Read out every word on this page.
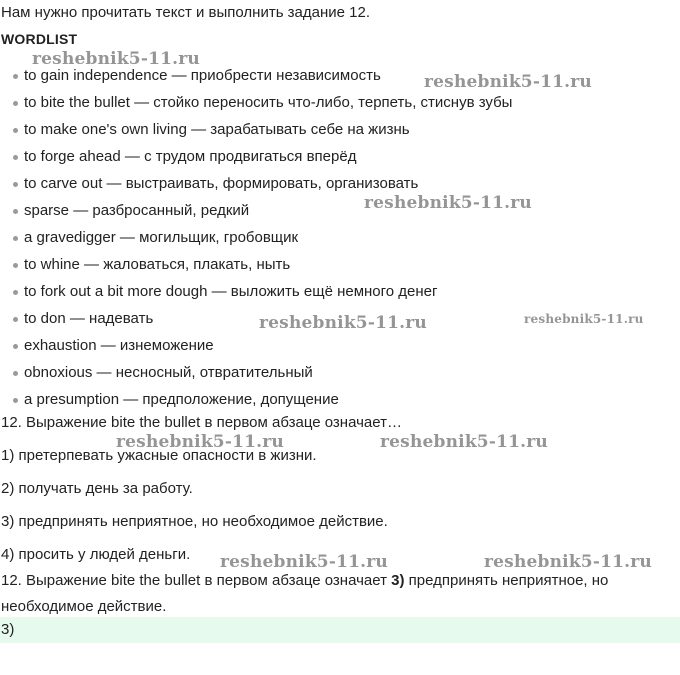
Нам нужно прочитать текст и выполнить задание 12.
WORDLIST
to gain independence — приобрести независимость
to bite the bullet — стойко переносить что-либо, терпеть, стиснув зубы
to make one's own living — зарабатывать себе на жизнь
to forge ahead — с трудом продвигаться вперёд
to carve out — выстраивать, формировать, организовать
sparse — разбросанный, редкий
a gravedigger — могильщик, гробовщик
to whine — жаловаться, плакать, ныть
to fork out a bit more dough — выложить ещё немного денег
to don — надевать
exhaustion — изнеможение
obnoxious — несносный, отвратительный
a presumption — предположение, допущение
12. Выражение bite the bullet в первом абзаце означает…
1) претерпевать ужасные опасности в жизни.
2) получать день за работу.
3) предпринять неприятное, но необходимое действие.
4) просить у людей деньги.
12. Выражение bite the bullet в первом абзаце означает 3) предпринять неприятное, но необходимое действие.
3)
reshebnik5-11.ru
reshebnik5-11.ru
reshebnik5-11.ru
reshebnik5-11.ru	reshebnik5-11.ru
reshebnik5-11.ru	reshebnik5-11.ru
reshebnik5-11.ru	reshebnik5-11.ru
